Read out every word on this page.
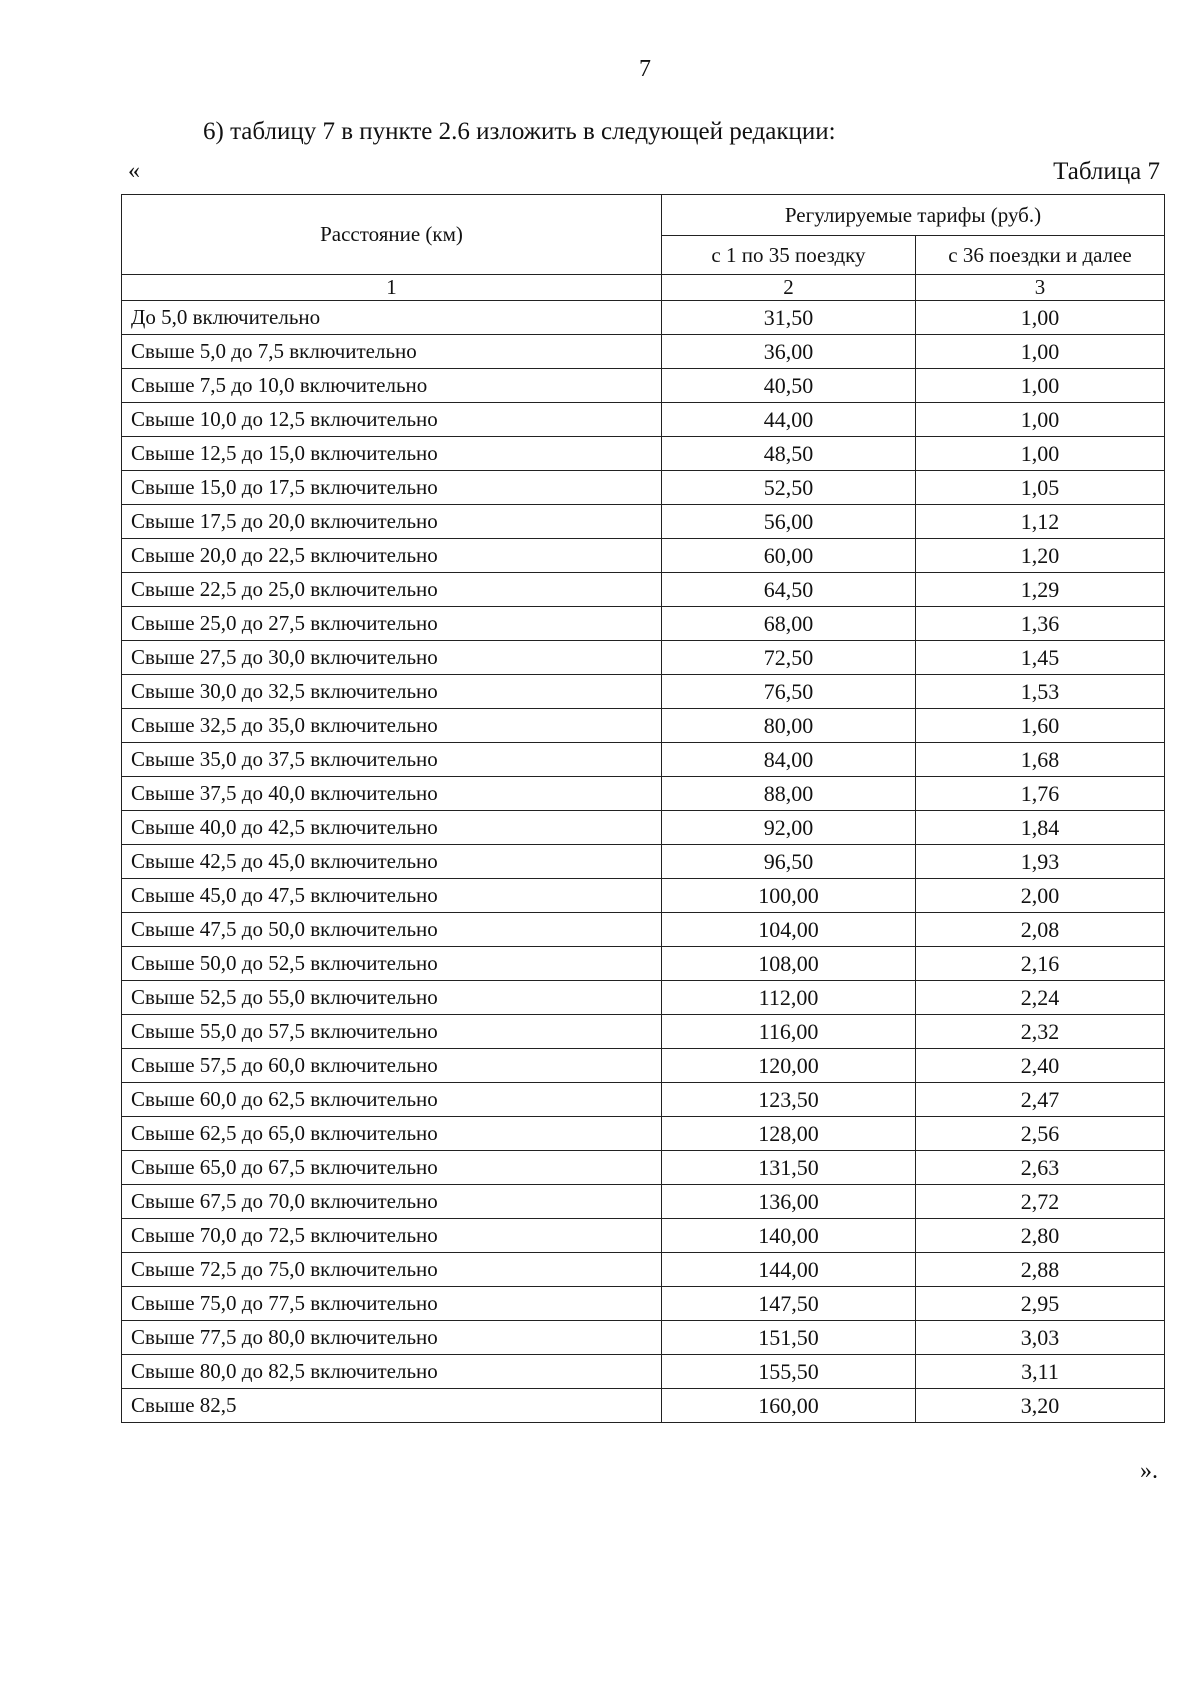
7
6) таблицу 7 в пункте 2.6 изложить в следующей редакции:
«	Таблица 7
Расстояние (км)	Регулируемые тарифы (руб.)	
	с 1 по 35 поездку	с 36 поездки и далее
1	2	3
До 5,0 включительно	31,50	1,00
Свыше 5,0 до 7,5 включительно	36,00	1,00
Свыше 7,5 до 10,0 включительно	40,50	1,00
Свыше 10,0 до 12,5 включительно	44,00	1,00
Свыше 12,5 до 15,0 включительно	48,50	1,00
Свыше 15,0 до 17,5 включительно	52,50	1,05
Свыше 17,5 до 20,0 включительно	56,00	1,12
Свыше 20,0 до 22,5 включительно	60,00	1,20
Свыше 22,5 до 25,0 включительно	64,50	1,29
Свыше 25,0 до 27,5 включительно	68,00	1,36
Свыше 27,5 до 30,0 включительно	72,50	1,45
Свыше 30,0 до 32,5 включительно	76,50	1,53
Свыше 32,5 до 35,0 включительно	80,00	1,60
Свыше 35,0 до 37,5 включительно	84,00	1,68
Свыше 37,5 до 40,0 включительно	88,00	1,76
Свыше 40,0 до 42,5 включительно	92,00	1,84
Свыше 42,5 до 45,0 включительно	96,50	1,93
Свыше 45,0 до 47,5 включительно	100,00	2,00
Свыше 47,5 до 50,0 включительно	104,00	2,08
Свыше 50,0 до 52,5 включительно	108,00	2,16
Свыше 52,5 до 55,0 включительно	112,00	2,24
Свыше 55,0 до 57,5 включительно	116,00	2,32
Свыше 57,5 до 60,0 включительно	120,00	2,40
Свыше 60,0 до 62,5 включительно	123,50	2,47
Свыше 62,5 до 65,0 включительно	128,00	2,56
Свыше 65,0 до 67,5 включительно	131,50	2,63
Свыше 67,5 до 70,0 включительно	136,00	2,72
Свыше 70,0 до 72,5 включительно	140,00	2,80
Свыше 72,5 до 75,0 включительно	144,00	2,88
Свыше 75,0 до 77,5 включительно	147,50	2,95
Свыше 77,5 до 80,0 включительно	151,50	3,03
Свыше 80,0 до 82,5 включительно	155,50	3,11
Свыше 82,5	160,00	3,20
».
